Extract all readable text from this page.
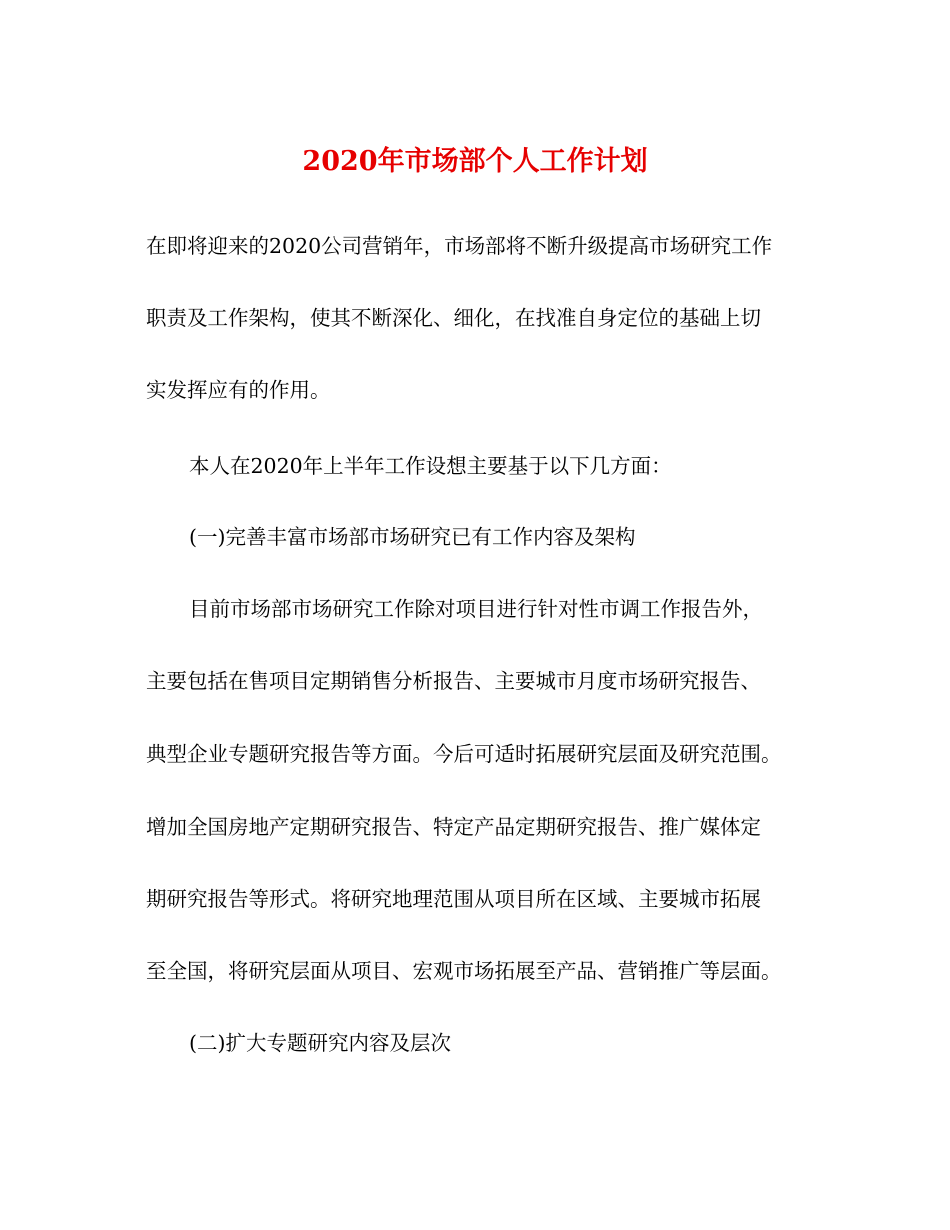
2020年市场部个人工作计划

在即将迎来的2020公司营销年，市场部将不断升级提高市场研究工作

职责及工作架构，使其不断深化、细化，在找准自身定位的基础上切

实发挥应有的作用。

本人在2020年上半年工作设想主要基于以下几方面：

(一)完善丰富市场部市场研究已有工作内容及架构

目前市场部市场研究工作除对项目进行针对性市调工作报告外，

主要包括在售项目定期销售分析报告、主要城市月度市场研究报告、

典型企业专题研究报告等方面。今后可适时拓展研究层面及研究范围。

增加全国房地产定期研究报告、特定产品定期研究报告、推广媒体定

期研究报告等形式。将研究地理范围从项目所在区域、主要城市拓展

至全国，将研究层面从项目、宏观市场拓展至产品、营销推广等层面。

(二)扩大专题研究内容及层次
